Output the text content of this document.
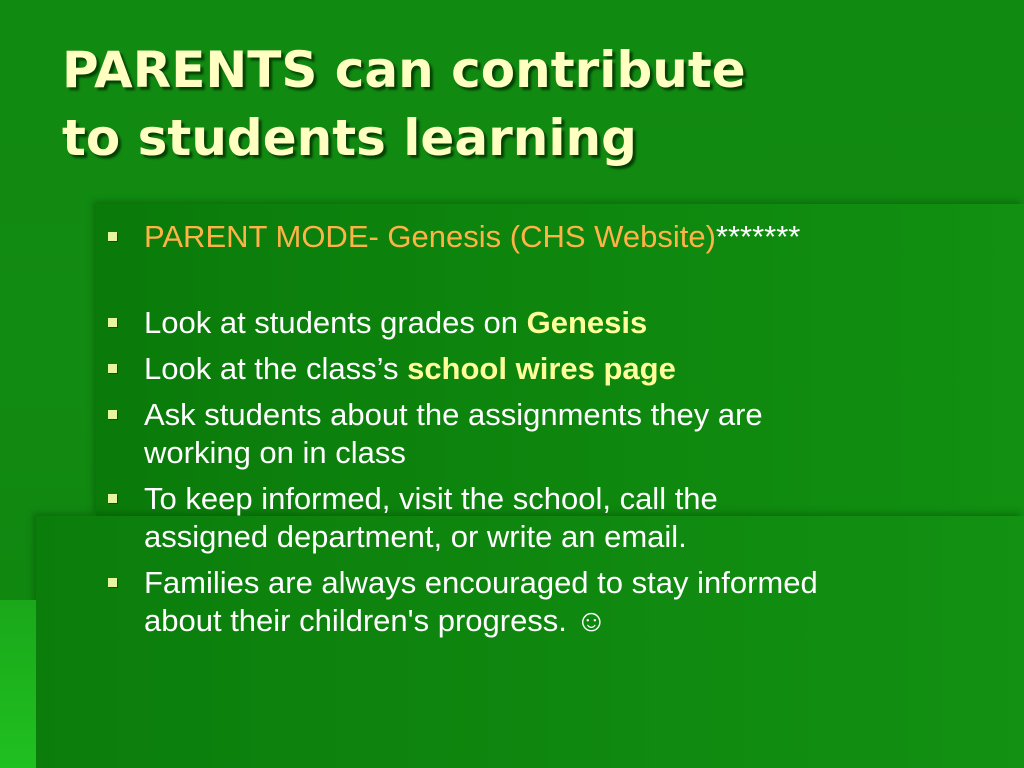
PARENTS can contribute
to students learning
PARENT MODE- Genesis (CHS Website)*******
Look at students grades on Genesis
Look at the class’s school wires page
Ask students about the assignments they are
working on in class
To keep informed, visit the school, call the
assigned department, or write an email.
Families are always encouraged to stay informed
about their children's progress. ☺
